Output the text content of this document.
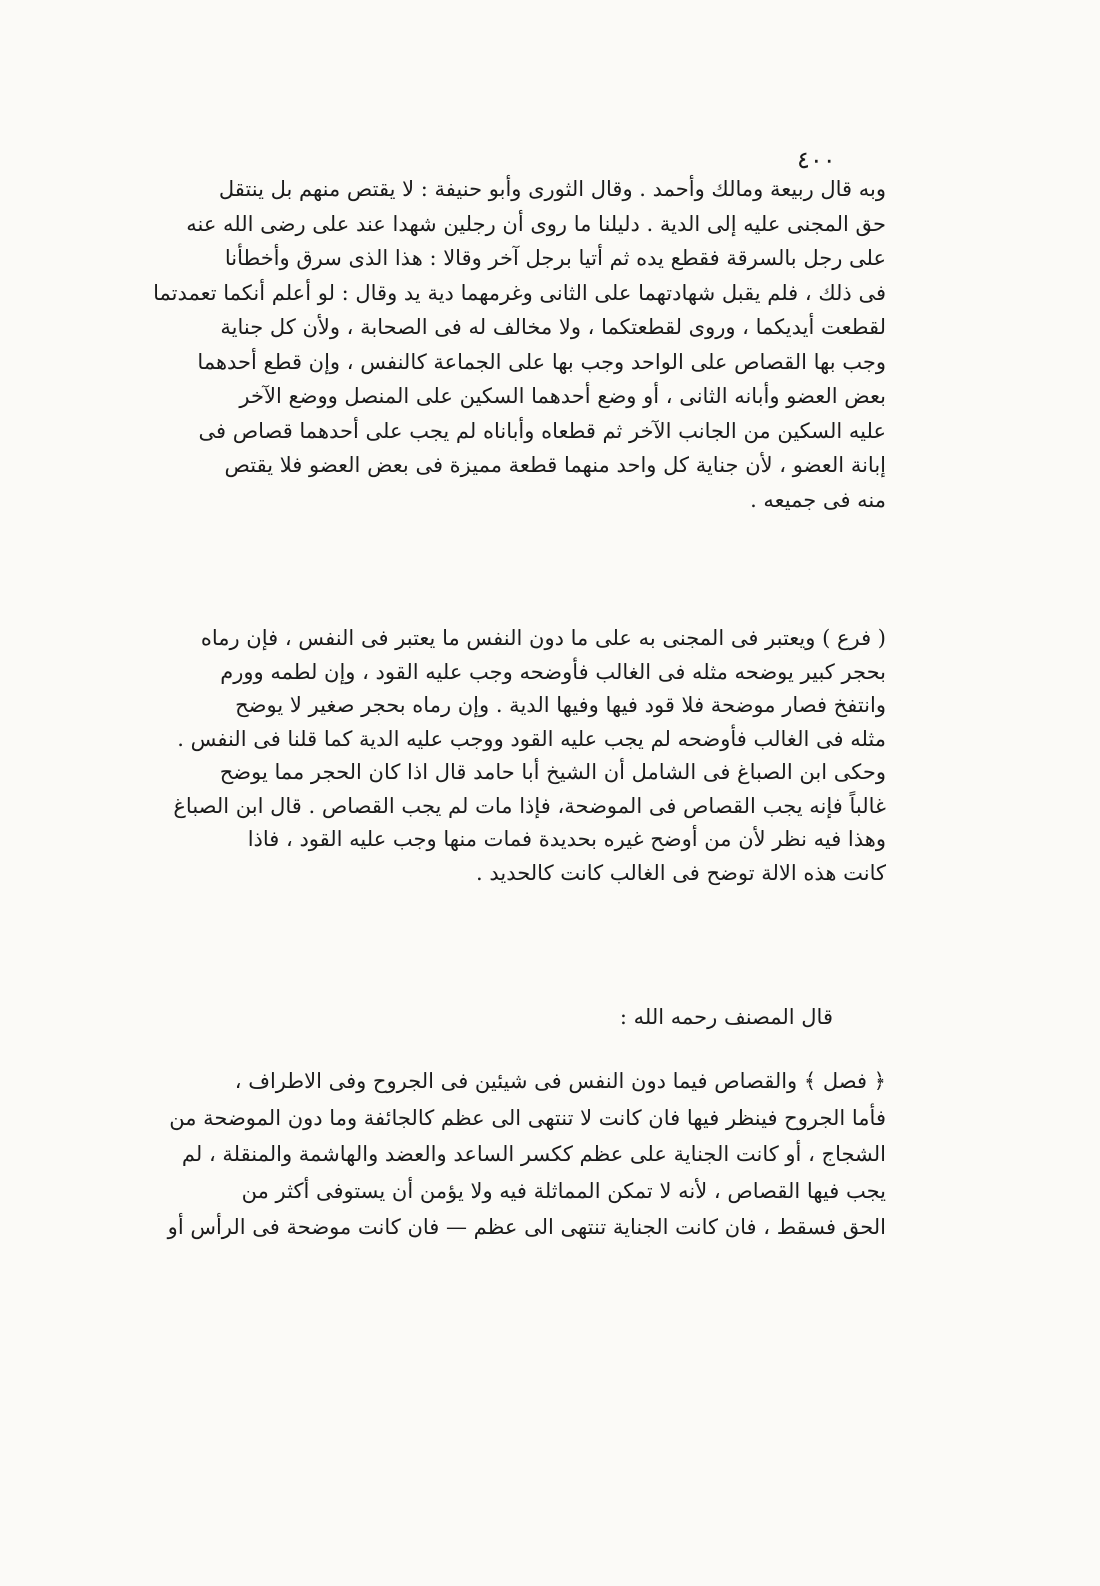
٤٠٠
وبه قال ربيعة ومالك وأحمد . وقال الثورى وأبو حنيفة : لا يقتص منهم بل ينتقل
حق المجنى عليه إلى الدية . دليلنا ما روى أن رجلين شهدا عند على رضى الله عنه
على رجل بالسرقة فقطع يده ثم أتيا برجل آخر وقالا : هذا الذى سرق وأخطأنا
فى ذلك ، فلم يقبل شهادتهما على الثانى وغرمهما دية يد وقال : لو أعلم أنكما تعمدتما
لقطعت أيديكما ، وروى لقطعتكما ، ولا مخالف له فى الصحابة ، ولأن كل جناية
وجب بها القصاص على الواحد وجب بها على الجماعة كالنفس ، وإن قطع أحدهما
بعض العضو وأبانه الثانى ، أو وضع أحدهما السكين على المنصل ووضع الآخر
عليه السكين من الجانب الآخر ثم قطعاه وأباناه لم يجب على أحدهما قصاص فى
إبانة العضو ، لأن جناية كل واحد منهما قطعة مميزة فى بعض العضو فلا يقتص
منه فى جميعه .
( فرع ) ويعتبر فى المجنى به على ما دون النفس ما يعتبر فى النفس ، فإن رماه
بحجر كبير يوضحه مثله فى الغالب فأوضحه وجب عليه القود ، وإن لطمه وورم
وانتفخ فصار موضحة فلا قود فيها وفيها الدية . وإن رماه بحجر صغير لا يوضح
مثله فى الغالب فأوضحه لم يجب عليه القود ووجب عليه الدية كما قلنا فى النفس .
وحكى ابن الصباغ فى الشامل أن الشيخ أبا حامد قال اذا كان الحجر مما يوضح
غالباً فإنه يجب القصاص فى الموضحة، فإذا مات لم يجب القصاص . قال ابن الصباغ
وهذا فيه نظر لأن من أوضح غيره بحديدة فمات منها وجب عليه القود ، فاذا
كانت هذه الالة توضح فى الغالب كانت كالحديد .
قال المصنف رحمه الله :
﴿ فصل ﴾ والقصاص فيما دون النفس فى شيئين فى الجروح وفى الاطراف ،
فأما الجروح فينظر فيها فان كانت لا تنتهى الى عظم كالجائفة وما دون الموضحة من
الشجاج ، أو كانت الجناية على عظم ككسر الساعد والعضد والهاشمة والمنقلة ، لم
يجب فيها القصاص ، لأنه لا تمكن المماثلة فيه ولا يؤمن أن يستوفى أكثر من
الحق فسقط ، فان كانت الجناية تنتهى الى عظم — فان كانت موضحة فى الرأس أو
